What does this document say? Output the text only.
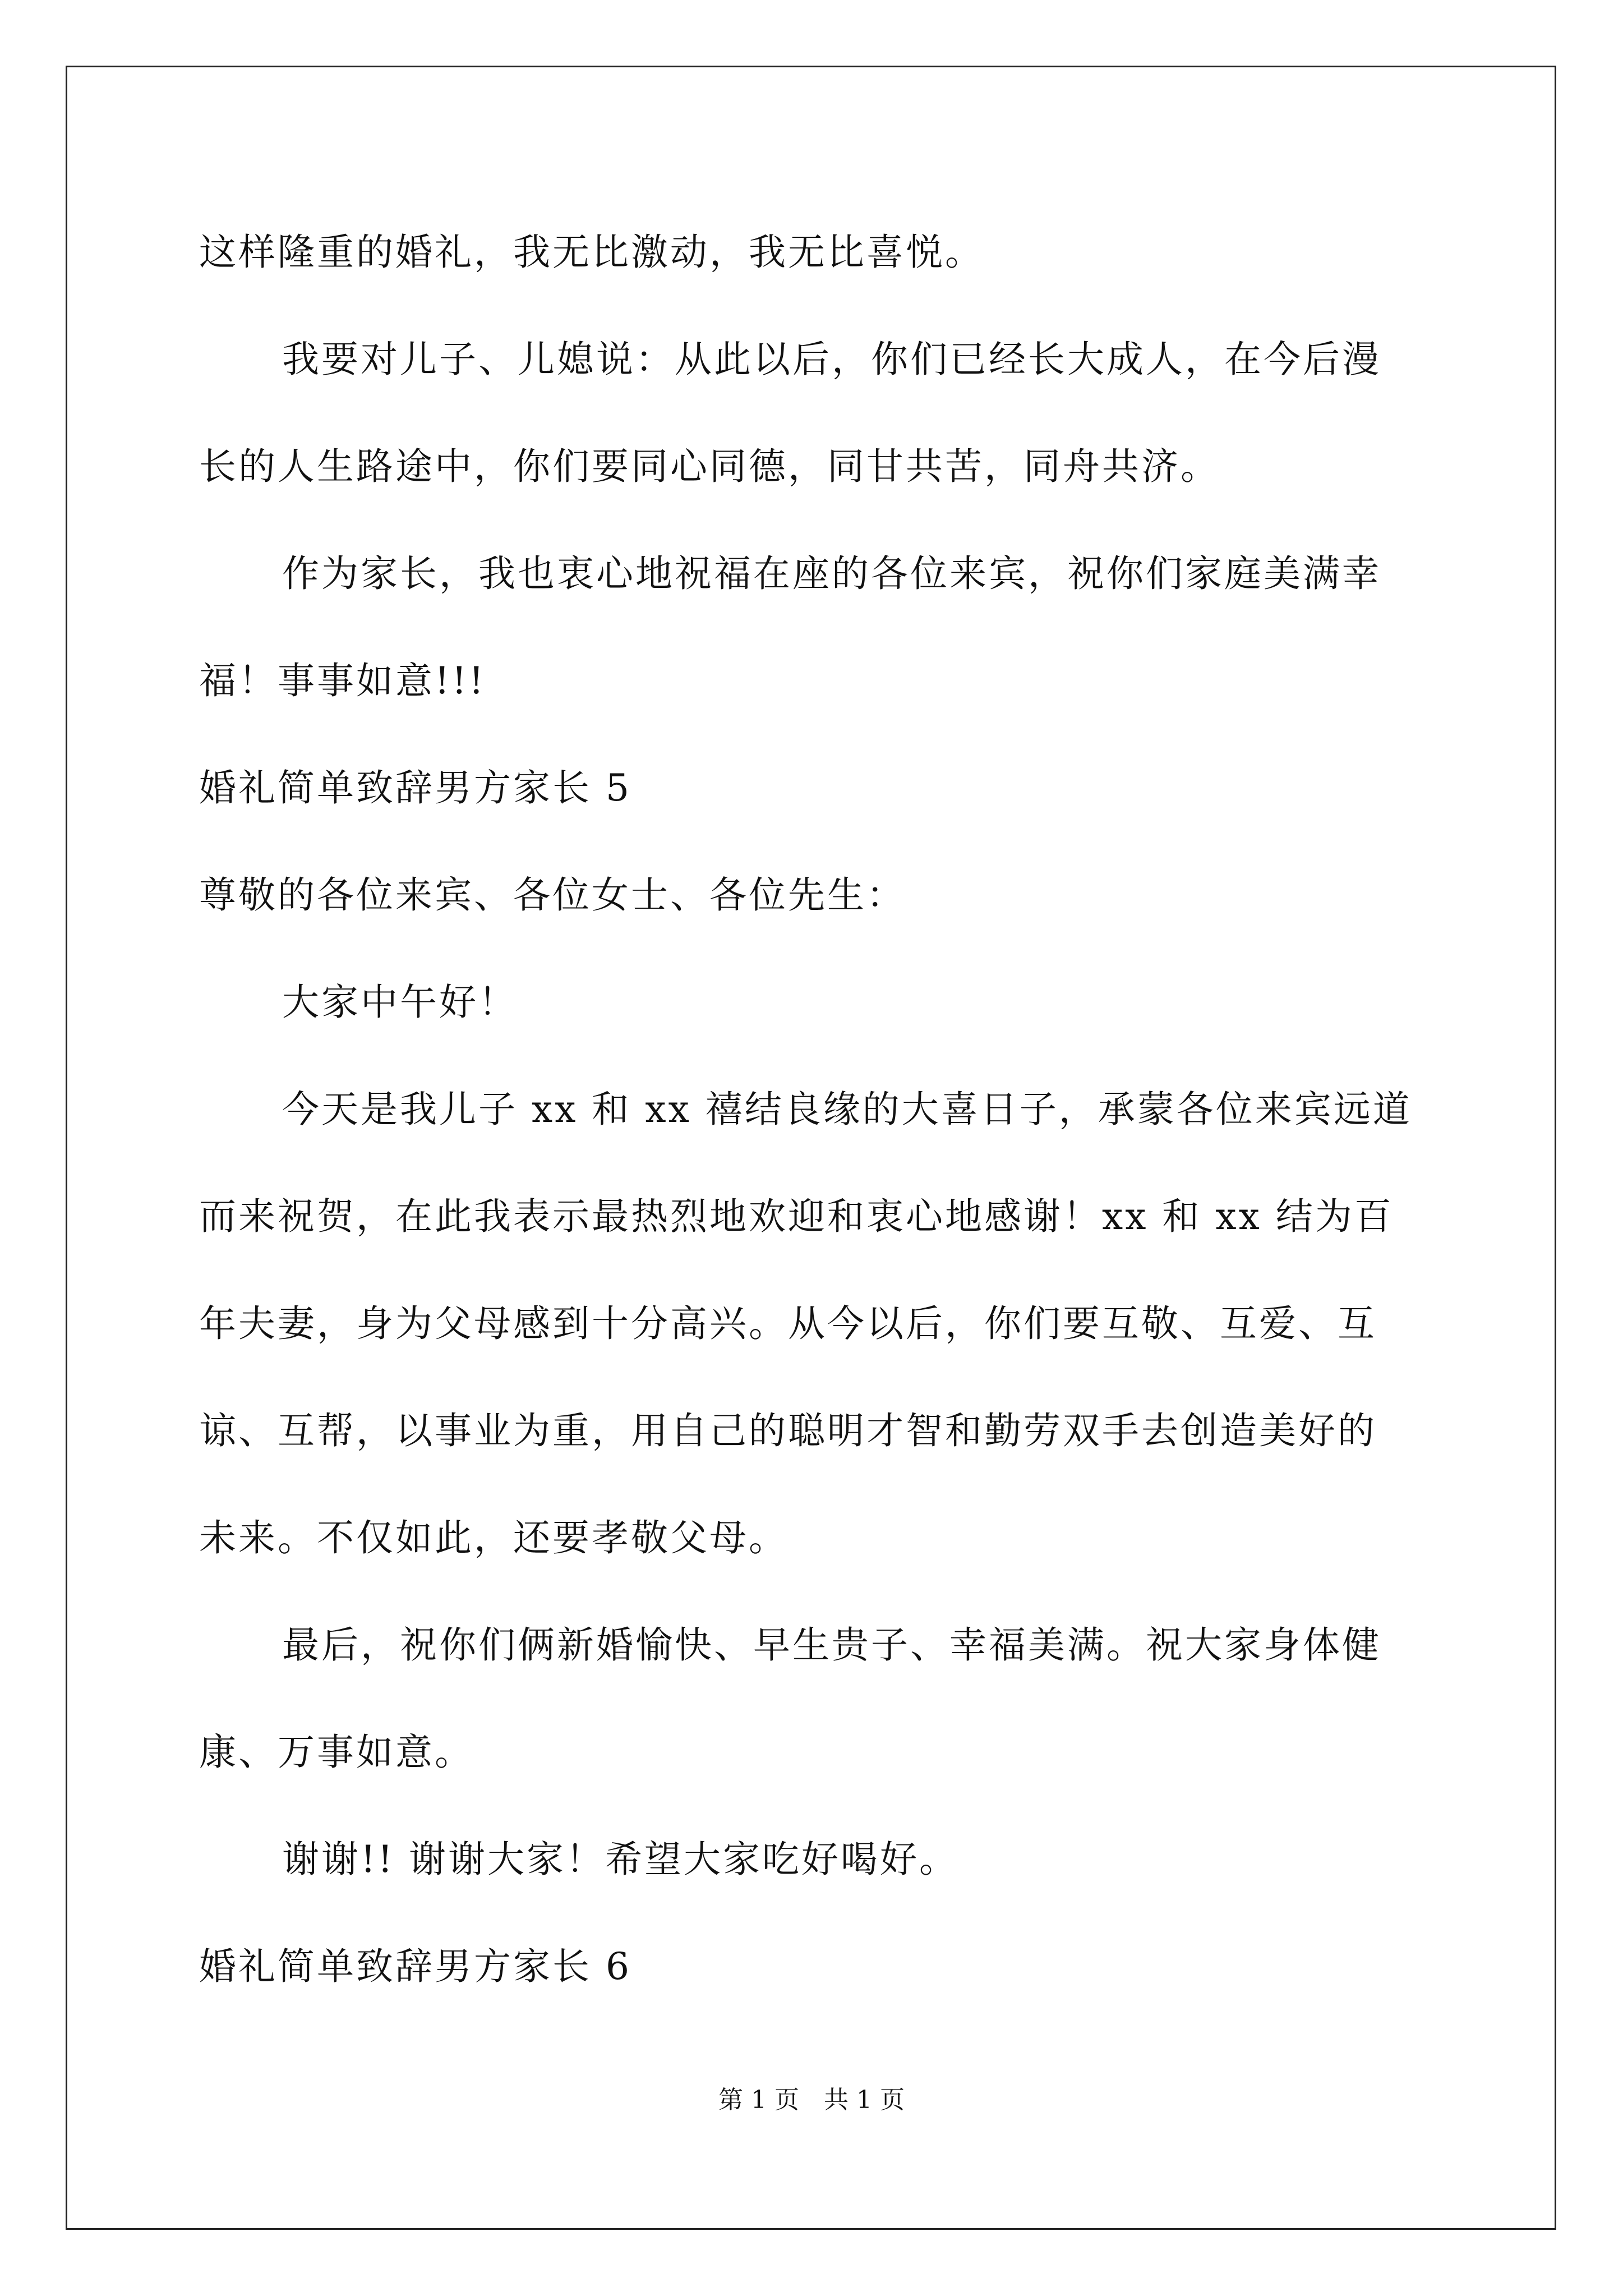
这样隆重的婚礼，我无比激动，我无比喜悦。
我要对儿子、儿媳说：从此以后，你们已经长大成人，在今后漫
长的人生路途中，你们要同心同德，同甘共苦，同舟共济。
作为家长，我也衷心地祝福在座的各位来宾，祝你们家庭美满幸
福！事事如意!!!
婚礼简单致辞男方家长 5
尊敬的各位来宾、各位女士、各位先生：
大家中午好！
今天是我儿子 xx 和 xx 禧结良缘的大喜日子，承蒙各位来宾远道
而来祝贺，在此我表示最热烈地欢迎和衷心地感谢！xx 和 xx 结为百
年夫妻，身为父母感到十分高兴。从今以后，你们要互敬、互爱、互
谅、互帮，以事业为重，用自己的聪明才智和勤劳双手去创造美好的
未来。不仅如此，还要孝敬父母。
最后，祝你们俩新婚愉快、早生贵子、幸福美满。祝大家身体健
康、万事如意。
谢谢!! 谢谢大家！希望大家吃好喝好。
婚礼简单致辞男方家长 6
第 1 页　共 1 页
